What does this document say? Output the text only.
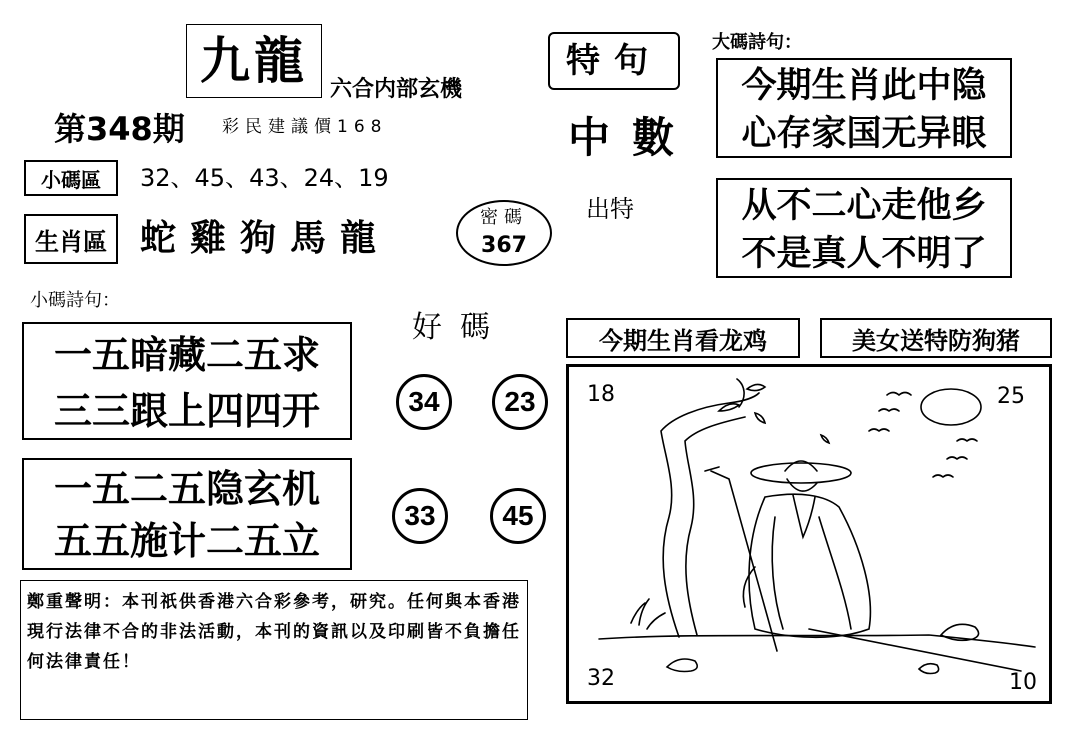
九龍	六合内部玄機
第348期 彩民建議價168
特句
中數
出特
大碼詩句：
今期生肖此中隐
心存家国无异眼
从不二心走他乡
不是真人不明了
小碼區	32、45、43、24、19
生肖區 蛇雞狗馬龍
密碼
367
小碼詩句：
一五暗藏二五求
三三跟上四四开
一五二五隐玄机
五五施计二五立
好碼
34	23
33	45
今期生肖看龙鸡	美女送特防狗猪
18	25
32	10
鄭重聲明：本刊祇供香港六合彩參考，研究。任何與本香港現行法律不合的非法活動，本刊的資訊以及印刷皆不負擔任何法律責任！
